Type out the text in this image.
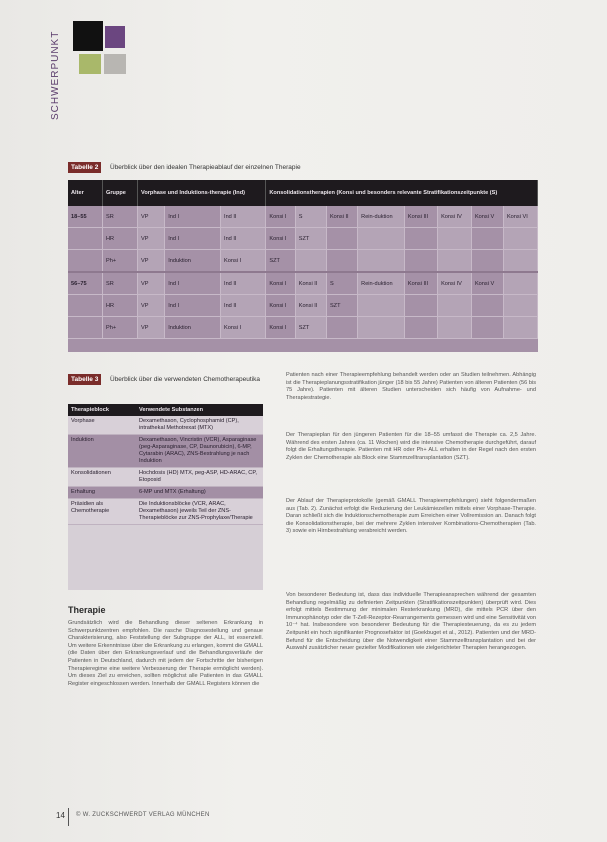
SCHWERPUNKT
Tabelle 2	Überblick über den idealen Therapieablauf der einzelnen Therapie
Alter	Gruppe	Vorphase und Induktions-therapie (Ind)			Konsolidationstherapien (Konsi und besonders relevante Stratifikationszeitpunkte (S)							
18–55	SR	VP	Ind I	Ind II	Konsi I	S	Konsi II	Rein-duktion	Konsi III	Konsi IV	Konsi V	Konsi VI
	HR	VP	Ind I	Ind II	Konsi I	SZT						
	Ph+	VP	Induktion	Konsi I	SZT							
56–75	SR	VP	Ind I	Ind II	Konsi I	Konsi II	S	Rein-duktion	Konsi III	Konsi IV	Konsi V	
	HR	VP	Ind I	Ind II	Konsi I	Konsi II	SZT					
	Ph+	VP	Induktion	Konsi I	Konsi I	SZT						
Tabelle 3	Überblick über die verwendeten Chemotherapeutika
Therapieblock	Verwendete Substanzen
Vorphase	Dexamethason, Cyclophosphamid (CP), intrathekal Methotrexat (MTX)
Induktion	Dexamethason, Vincristin (VCR), Asparaginase (peg-Asparaginase, CP, Daunorubicin), 6-MP, Cytarabin (ARAC), ZNS-Bestrahlung je nach Induktion
Konsolidationen	Hochdosis (HD) MTX, peg-ASP, HD-ARAC, CP, Etoposid
Erhaltung	6-MP und MTX (Erhaltung)
Präsidien als Chemotherapie	Die Induktionsblöcke (VCR, ARAC, Dexamethason) jeweils Teil der ZNS-Therapieblöcke zur ZNS-Prophylaxe/Therapie
Therapie
Grundsätzlich wird die Behandlung dieser seltenen Erkrankung in Schwerpunktzentren empfohlen. Die rasche Diagnosestellung und genaue Charakterisierung, also Feststellung der Subgruppe der ALL, ist essenziell. Um weitere Erkenntnisse über die Erkrankung zu erlangen, kommt die GMALL (die Daten über den Erkrankungsverlauf und die Behandlungsverläufe der Patienten in Deutschland, dadurch mit jedem der Fortschritte der bisherigen Therapieregime eine weitere Verbesserung der Therapie ermöglicht werden). Um dieses Ziel zu erreichen, sollten möglichst alle Patienten in das GMALL Register eingeschlossen werden. Innerhalb der GMALL Registers können die
Patienten nach einer Therapieempfehlung behandelt werden oder an Studien teilnehmen. Abhängig ist die Therapieplanungsstratifikation jünger (18 bis 55 Jahre) Patienten von älteren Patienten (56 bis 75 Jahre). Patienten mit älteren Studien unterscheiden sich häufig von Aufnahme- und Therapiestrategie.
Der Therapieplan für den jüngeren Patienten für die 18–55 umfasst die Therapie ca. 2,5 Jahre. Während des ersten Jahres (ca. 11 Wochen) wird die intensive Chemotherapie durchgeführt, darauf folgt die Erhaltungstherapie. Patienten mit HR oder Ph+ ALL erhalten in der Regel nach den ersten Zyklen der Chemotherapie als Block eine Stammzelltransplantation (SZT).
Der Ablauf der Therapieprotokolle (gemäß GMALL Therapieempfehlungen) sieht folgendermaßen aus (Tab. 2). Zunächst erfolgt die Reduzierung der Leukämiezellen mittels einer Vorphase-Therapie. Daran schließt sich die Induktionschemotherapie zum Erreichen einer Vollremission an. Danach folgt die Konsolidationstherapie, bei der mehrere Zyklen intensiver Kombinations-Chemotherapien (Tab. 3) sowie ein Hirnbestrahlung verabreicht werden.
Von besonderer Bedeutung ist, dass das individuelle Therapieansprechen während der gesamten Behandlung regelmäßig zu definierten Zeitpunkten (Stratifikationszeitpunkten) überprüft wird. Dies erfolgt mittels Bestimmung der minimalen Resterkrankung (MRD), die mittels PCR über den Immunophänotyp oder die T-Zell-Rezeptor-Rearrangements gemessen wird und eine Sensitivität von 10⁻⁴ hat. Insbesondere von besonderer Bedeutung für die Therapiesteuerung, da es zu jedem Zeitpunkt ein hoch signifikanter Prognosefaktor ist (Goekbuget et al., 2012). Patienten und der MRD-Befund für die Entscheidung über die Notwendigkeit einer Stammzelltransplantation und bei der Auswahl zusätzlicher neuer gezielter Modifikationen wie zielgerichteter Therapien herangezogen.
14 © W. ZUCKSCHWERDT VERLAG MÜNCHEN
